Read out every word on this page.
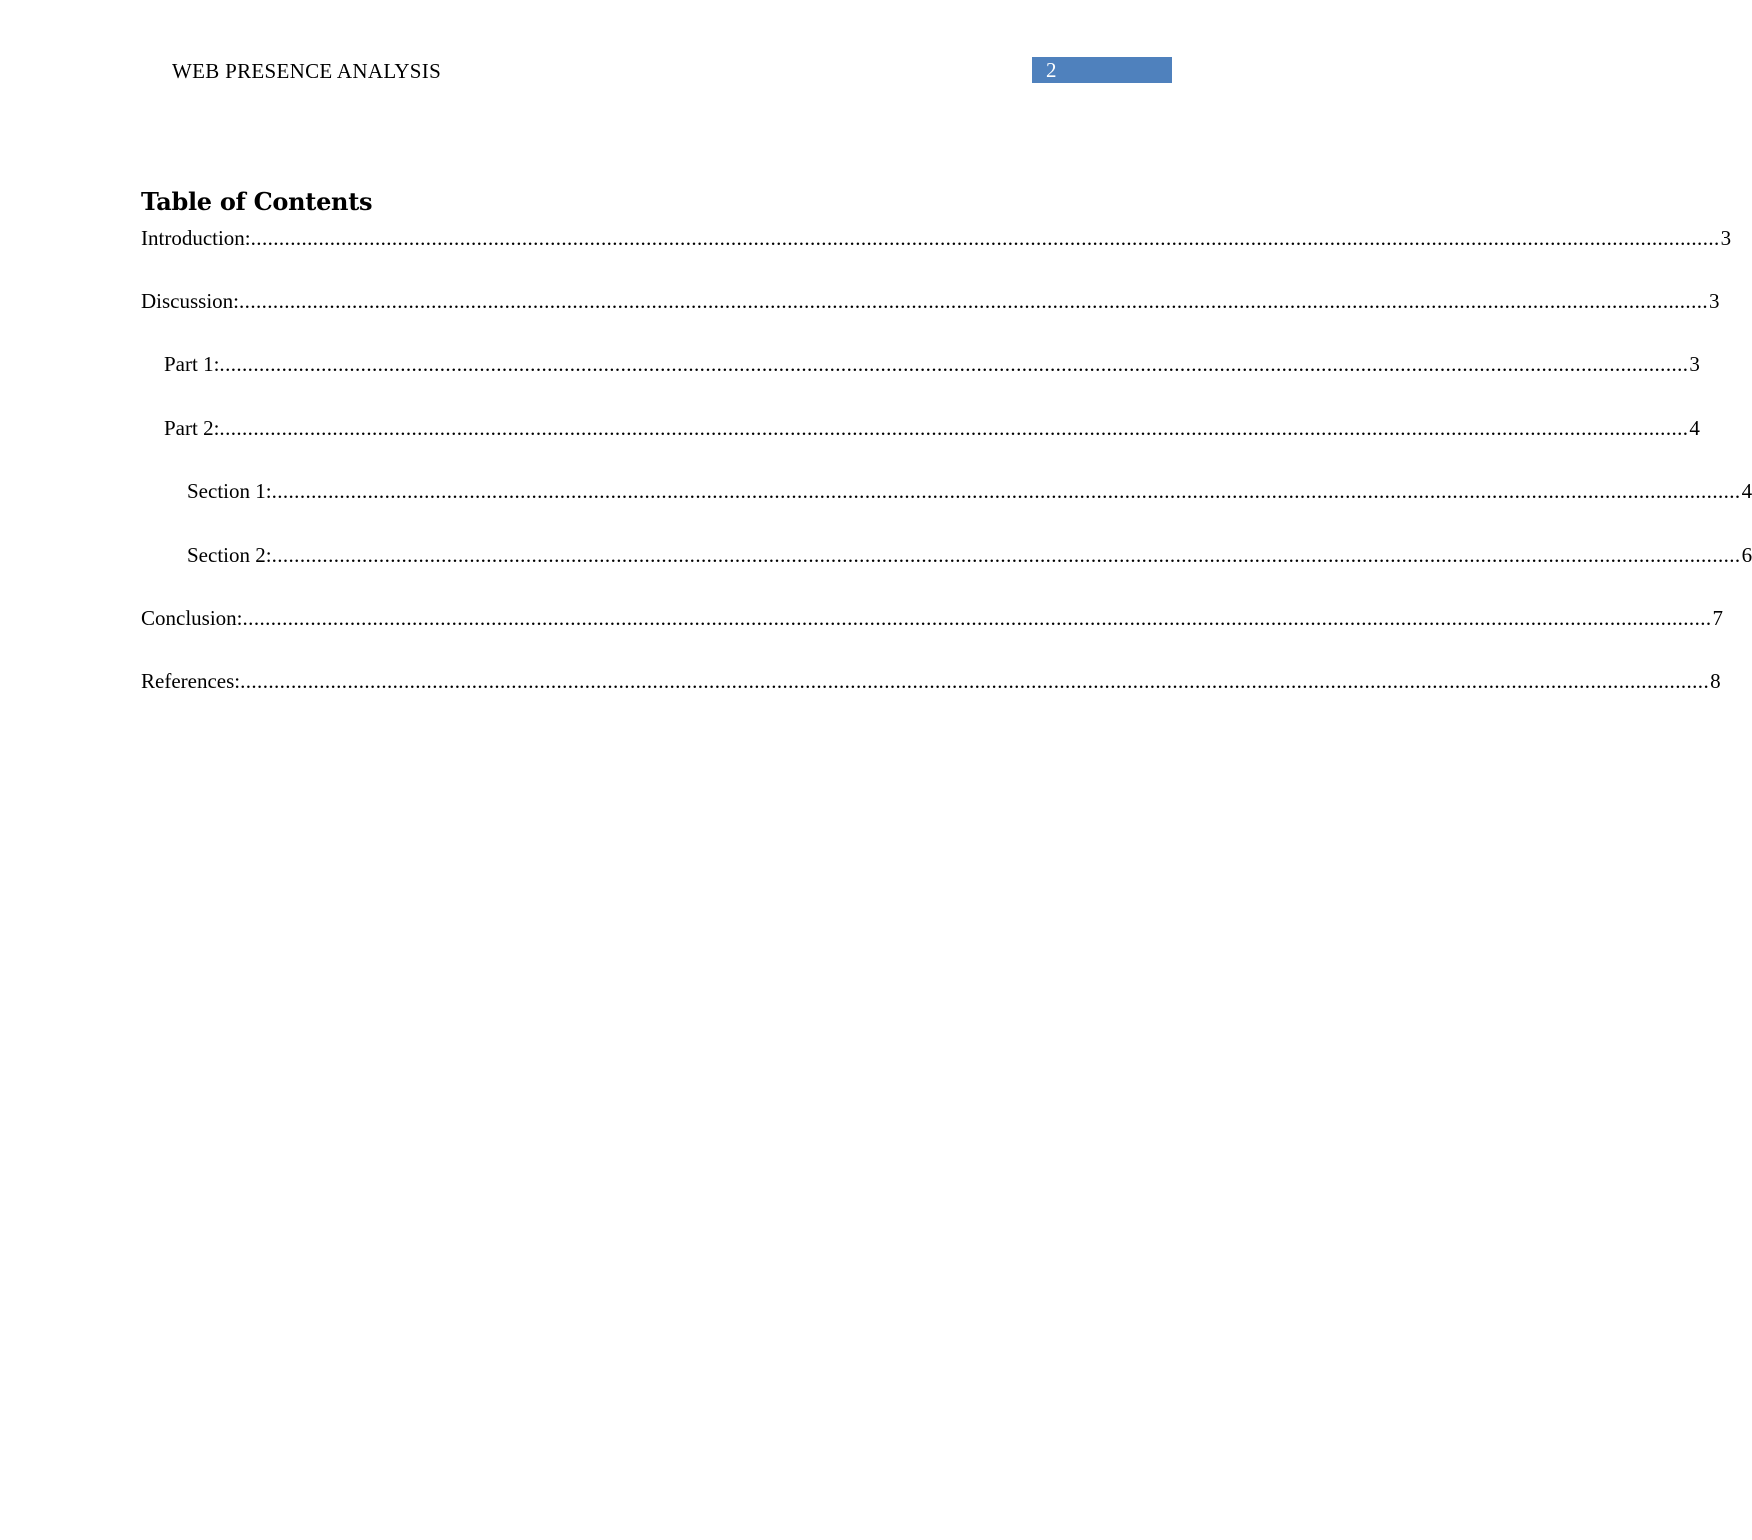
WEB PRESENCE ANALYSIS	2
Table of Contents
Introduction: .................................................................................................................................................................................................................................................................... 3
Discussion: .................................................................................................................................................................................................................................................................... 3
Part 1: .................................................................................................................................................................................................................................................................... 3
Part 2: .................................................................................................................................................................................................................................................................... 4
Section 1: .................................................................................................................................................................................................................................................................... 4
Section 2: .................................................................................................................................................................................................................................................................... 6
Conclusion: .................................................................................................................................................................................................................................................................... 7
References: .................................................................................................................................................................................................................................................................... 8
